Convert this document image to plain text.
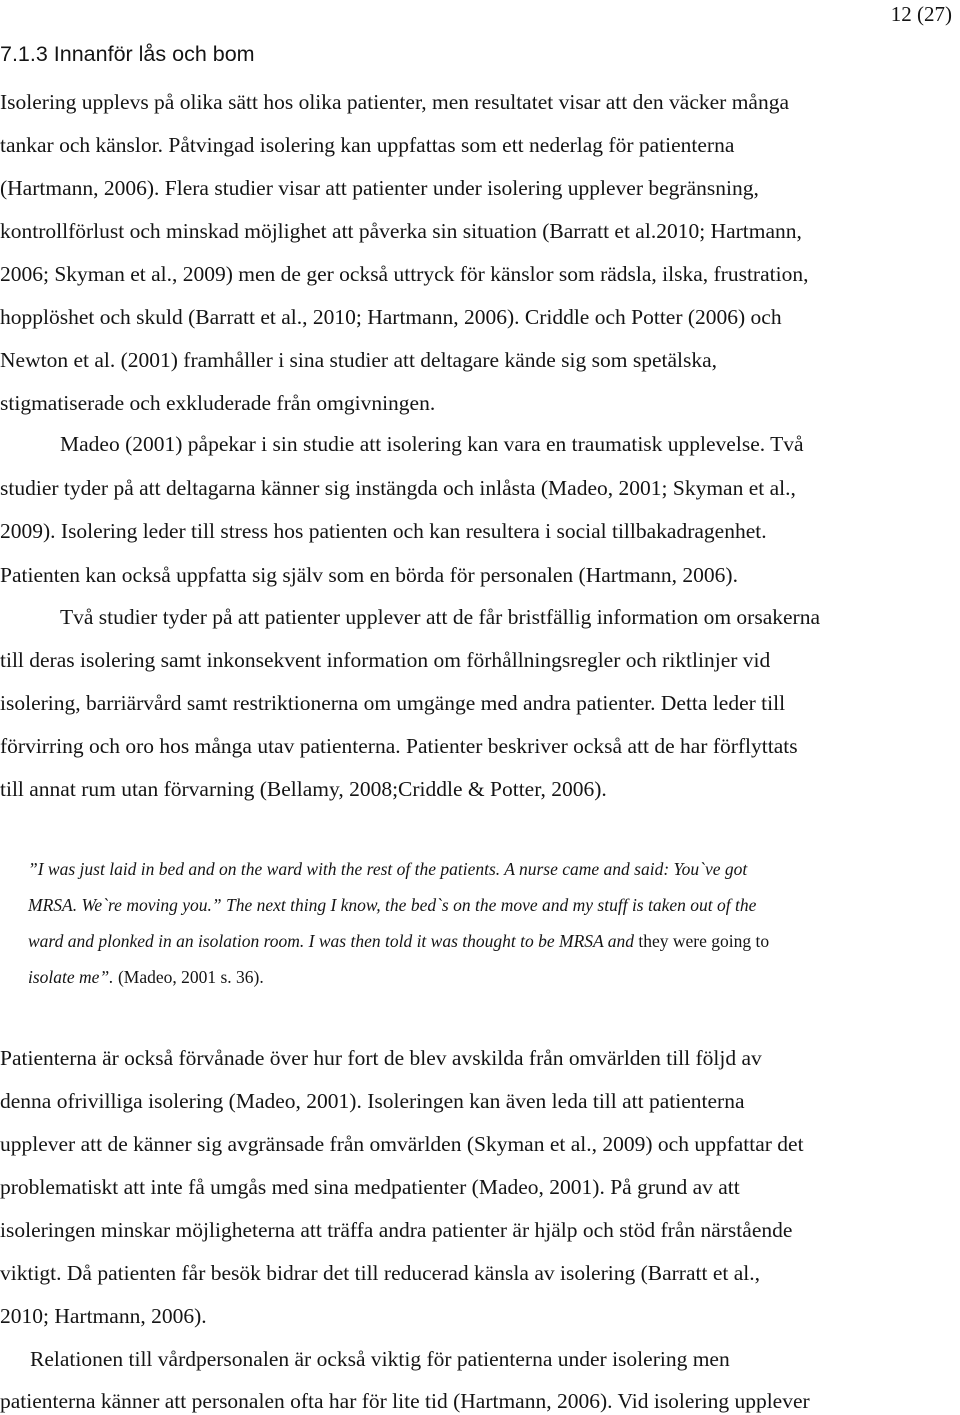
12 (27)
7.1.3 Innanför lås och bom
Isolering upplevs på olika sätt hos olika patienter, men resultatet visar att den väcker många
tankar och känslor. Påtvingad isolering kan uppfattas som ett nederlag för patienterna
(Hartmann, 2006). Flera studier visar att patienter under isolering upplever begränsning,
kontrollförlust och minskad möjlighet att påverka sin situation (Barratt et al.2010; Hartmann,
2006; Skyman et al., 2009) men de ger också uttryck för känslor som rädsla, ilska, frustration,
hopplöshet och skuld (Barratt et al., 2010; Hartmann, 2006). Criddle och Potter (2006) och
Newton et al. (2001) framhåller i sina studier att deltagare kände sig som spetälska,
stigmatiserade och exkluderade från omgivningen.
Madeo (2001) påpekar i sin studie att isolering kan vara en traumatisk upplevelse. Två
studier tyder på att deltagarna känner sig instängda och inlåsta (Madeo, 2001; Skyman et al.,
2009). Isolering leder till stress hos patienten och kan resultera i social tillbakadragenhet.
Patienten kan också uppfatta sig själv som en börda för personalen (Hartmann, 2006).
Två studier tyder på att patienter upplever att de får bristfällig information om orsakerna
till deras isolering samt inkonsekvent information om förhållningsregler och riktlinjer vid
isolering, barriärvård samt restriktionerna om umgänge med andra patienter. Detta leder till
förvirring och oro hos många utav patienterna. Patienter beskriver också att de har förflyttats
till annat rum utan förvarning (Bellamy, 2008;Criddle & Potter, 2006).
”I was just laid in bed and on the ward with the rest of the patients. A nurse came and said: You`ve got
MRSA. We`re moving you.” The next thing I know, the bed`s on the move and my stuff is taken out of the
ward and plonked in an isolation room. I was then told it was thought to be MRSA and they were going to
isolate me”. (Madeo, 2001 s. 36).
Patienterna är också förvånade över hur fort de blev avskilda från omvärlden till följd av
denna ofrivilliga isolering (Madeo, 2001). Isoleringen kan även leda till att patienterna
upplever att de känner sig avgränsade från omvärlden (Skyman et al., 2009) och uppfattar det
problematiskt att inte få umgås med sina medpatienter (Madeo, 2001). På grund av att
isoleringen minskar möjligheterna att träffa andra patienter är hjälp och stöd från närstående
viktigt. Då patienten får besök bidrar det till reducerad känsla av isolering (Barratt et al.,
2010; Hartmann, 2006).
Relationen till vårdpersonalen är också viktig för patienterna under isolering men
patienterna känner att personalen ofta har för lite tid (Hartmann, 2006). Vid isolering upplever
